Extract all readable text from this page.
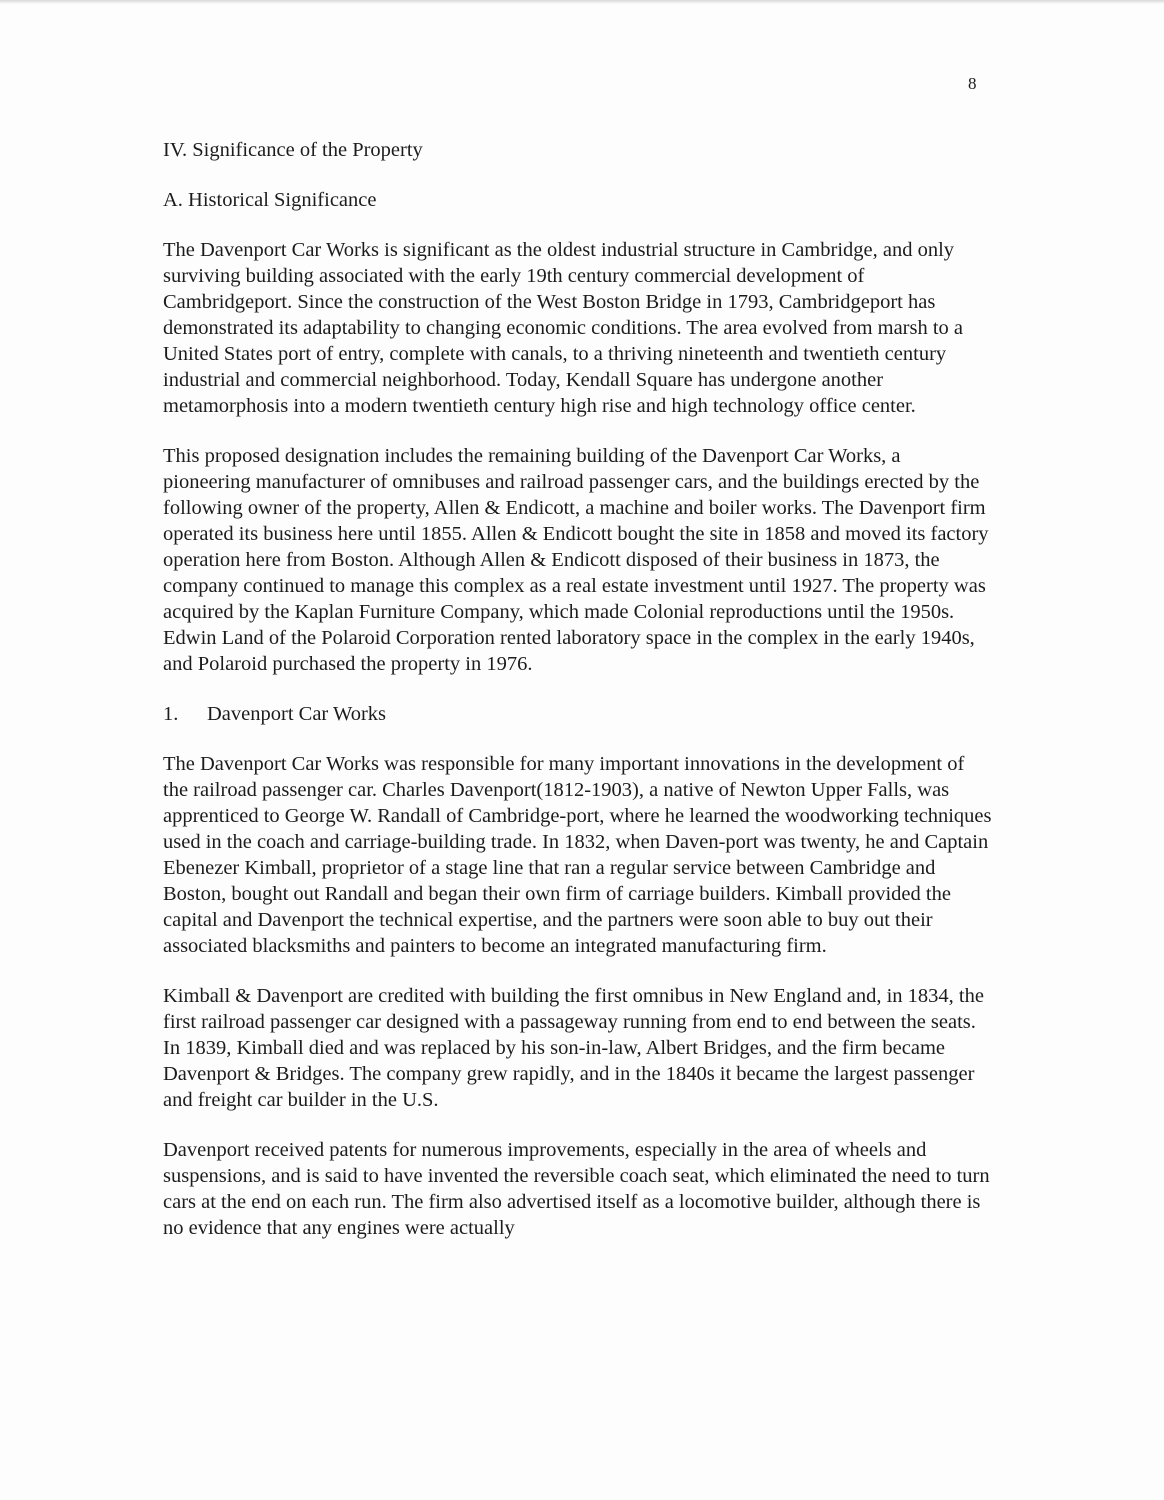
8
IV. Significance of the Property
A. Historical Significance

The Davenport Car Works is significant as the oldest industrial structure in Cambridge, and only surviving building associated with the early 19th century commercial development of Cambridgeport. Since the construction of the West Boston Bridge in 1793, Cambridgeport has demonstrated its adaptability to changing economic conditions. The area evolved from marsh to a United States port of entry, complete with canals, to a thriving nineteenth and twentieth century industrial and commercial neighborhood. Today, Kendall Square has undergone another metamorphosis into a modern twentieth century high rise and high technology office center.

This proposed designation includes the remaining building of the Davenport Car Works, a pioneering manufacturer of omnibuses and railroad passenger cars, and the buildings erected by the following owner of the property, Allen & Endicott, a machine and boiler works. The Davenport firm operated its business here until 1855. Allen & Endicott bought the site in 1858 and moved its factory operation here from Boston. Although Allen & Endicott disposed of their business in 1873, the company continued to manage this complex as a real estate investment until 1927. The property was acquired by the Kaplan Furniture Company, which made Colonial reproductions until the 1950s. Edwin Land of the Polaroid Corporation rented laboratory space in the complex in the early 1940s, and Polaroid purchased the property in 1976.

1. Davenport Car Works

The Davenport Car Works was responsible for many important innovations in the development of the railroad passenger car. Charles Davenport(1812-1903), a native of Newton Upper Falls, was apprenticed to George W. Randall of Cambridge-port, where he learned the woodworking techniques used in the coach and carriage-building trade. In 1832, when Daven-port was twenty, he and Captain Ebenezer Kimball, proprietor of a stage line that ran a regular service between Cambridge and Boston, bought out Randall and began their own firm of carriage builders. Kimball provided the capital and Davenport the technical expertise, and the partners were soon able to buy out their associated blacksmiths and painters to become an integrated manufacturing firm.

Kimball & Davenport are credited with building the first omnibus in New England and, in 1834, the first railroad passenger car designed with a passageway running from end to end between the seats. In 1839, Kimball died and was replaced by his son-in-law, Albert Bridges, and the firm became Davenport & Bridges. The company grew rapidly, and in the 1840s it became the largest passenger and freight car builder in the U.S.

Davenport received patents for numerous improvements, especially in the area of wheels and suspensions, and is said to have invented the reversible coach seat, which eliminated the need to turn cars at the end on each run. The firm also advertised itself as a locomotive builder, although there is no evidence that any engines were actually
